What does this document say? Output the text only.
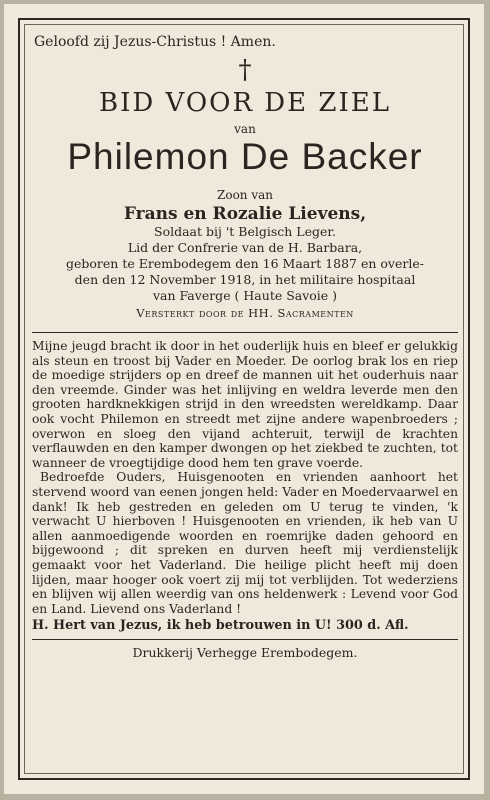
Geloofd zij Jezus-Christus ! Amen.
†
BID VOOR DE ZIEL
van
Philemon De Backer
Zoon van
Frans en Rozalie Lievens,
Soldaat bij 't Belgisch Leger.
Lid der Confrerie van de H. Barbara,
geboren te Erembodegem den 16 Maart 1887 en overle-
den den 12 November 1918, in het militaire hospitaal
van Faverge ( Haute Savoie )
Versterkt door de HH. Sacramenten

Mijne jeugd bracht ik door in het ouderlijk huis en bleef er gelukkig als steun en troost bij Vader en Moeder. De oorlog brak los en riep de moedige strijders op en dreef de mannen uit het ouderhuis naar den vreemde. Ginder was het inlijving en weldra leverde men den grooten hardknekkigen strijd in den wreedsten wereldkamp. Daar ook vocht Philemon en streedt met zijne andere wapenbroeders ; overwon en sloeg den vijand achteruit, terwijl de krachten verflauwden en den kamper dwongen op het ziekbed te zuchten, tot wanneer de vroegtijdige dood hem ten grave voerde.

Bedroefde Ouders, Huisgenooten en vrienden aanhoort het stervend woord van eenen jongen held: Vader en Moedervaarwel en dank! Ik heb gestreden en geleden om U terug te vinden, 'k verwacht U hierboven ! Huisgenooten en vrienden, ik heb van U allen aanmoedigende woorden en roemrijke daden gehoord en bijgewoond ; dit spreken en durven heeft mij verdienstelijk gemaakt voor het Vaderland. Die heilige plicht heeft mij doen lijden, maar hooger ook voert zij mij tot verblijden. Tot wederziens en blijven wij allen weerdig van ons heldenwerk : Levend voor God en Land. Lievend ons Vaderland !

H. Hert van Jezus, ik heb betrouwen in U! 300 d. Afl.
Drukkerij Verhegge Erembodegem.
